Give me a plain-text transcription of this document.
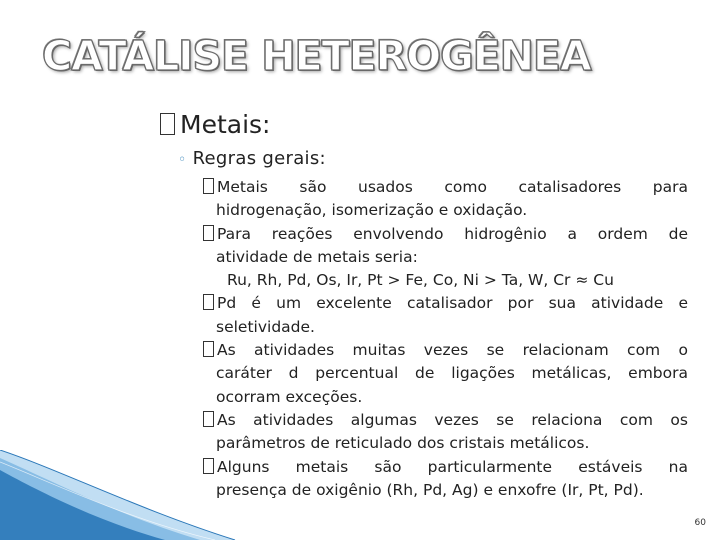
CATÁLISE HETEROGÊNEA
Metais:
◦ Regras gerais:
Metais são usados como catalisadores para
hidrogenação, isomerização e oxidação.
Para reações envolvendo hidrogênio a ordem de
atividade de metais seria:
Ru, Rh, Pd, Os, Ir, Pt > Fe, Co, Ni > Ta, W, Cr ≈ Cu
Pd é um excelente catalisador por sua atividade e
seletividade.
As atividades muitas vezes se relacionam com o
caráter d percentual de ligações metálicas, embora
ocorram exceções.
As atividades algumas vezes se relaciona com os
parâmetros de reticulado dos cristais metálicos.
Alguns metais são particularmente estáveis na
presença de oxigênio (Rh, Pd, Ag) e enxofre (Ir, Pt, Pd).
60
